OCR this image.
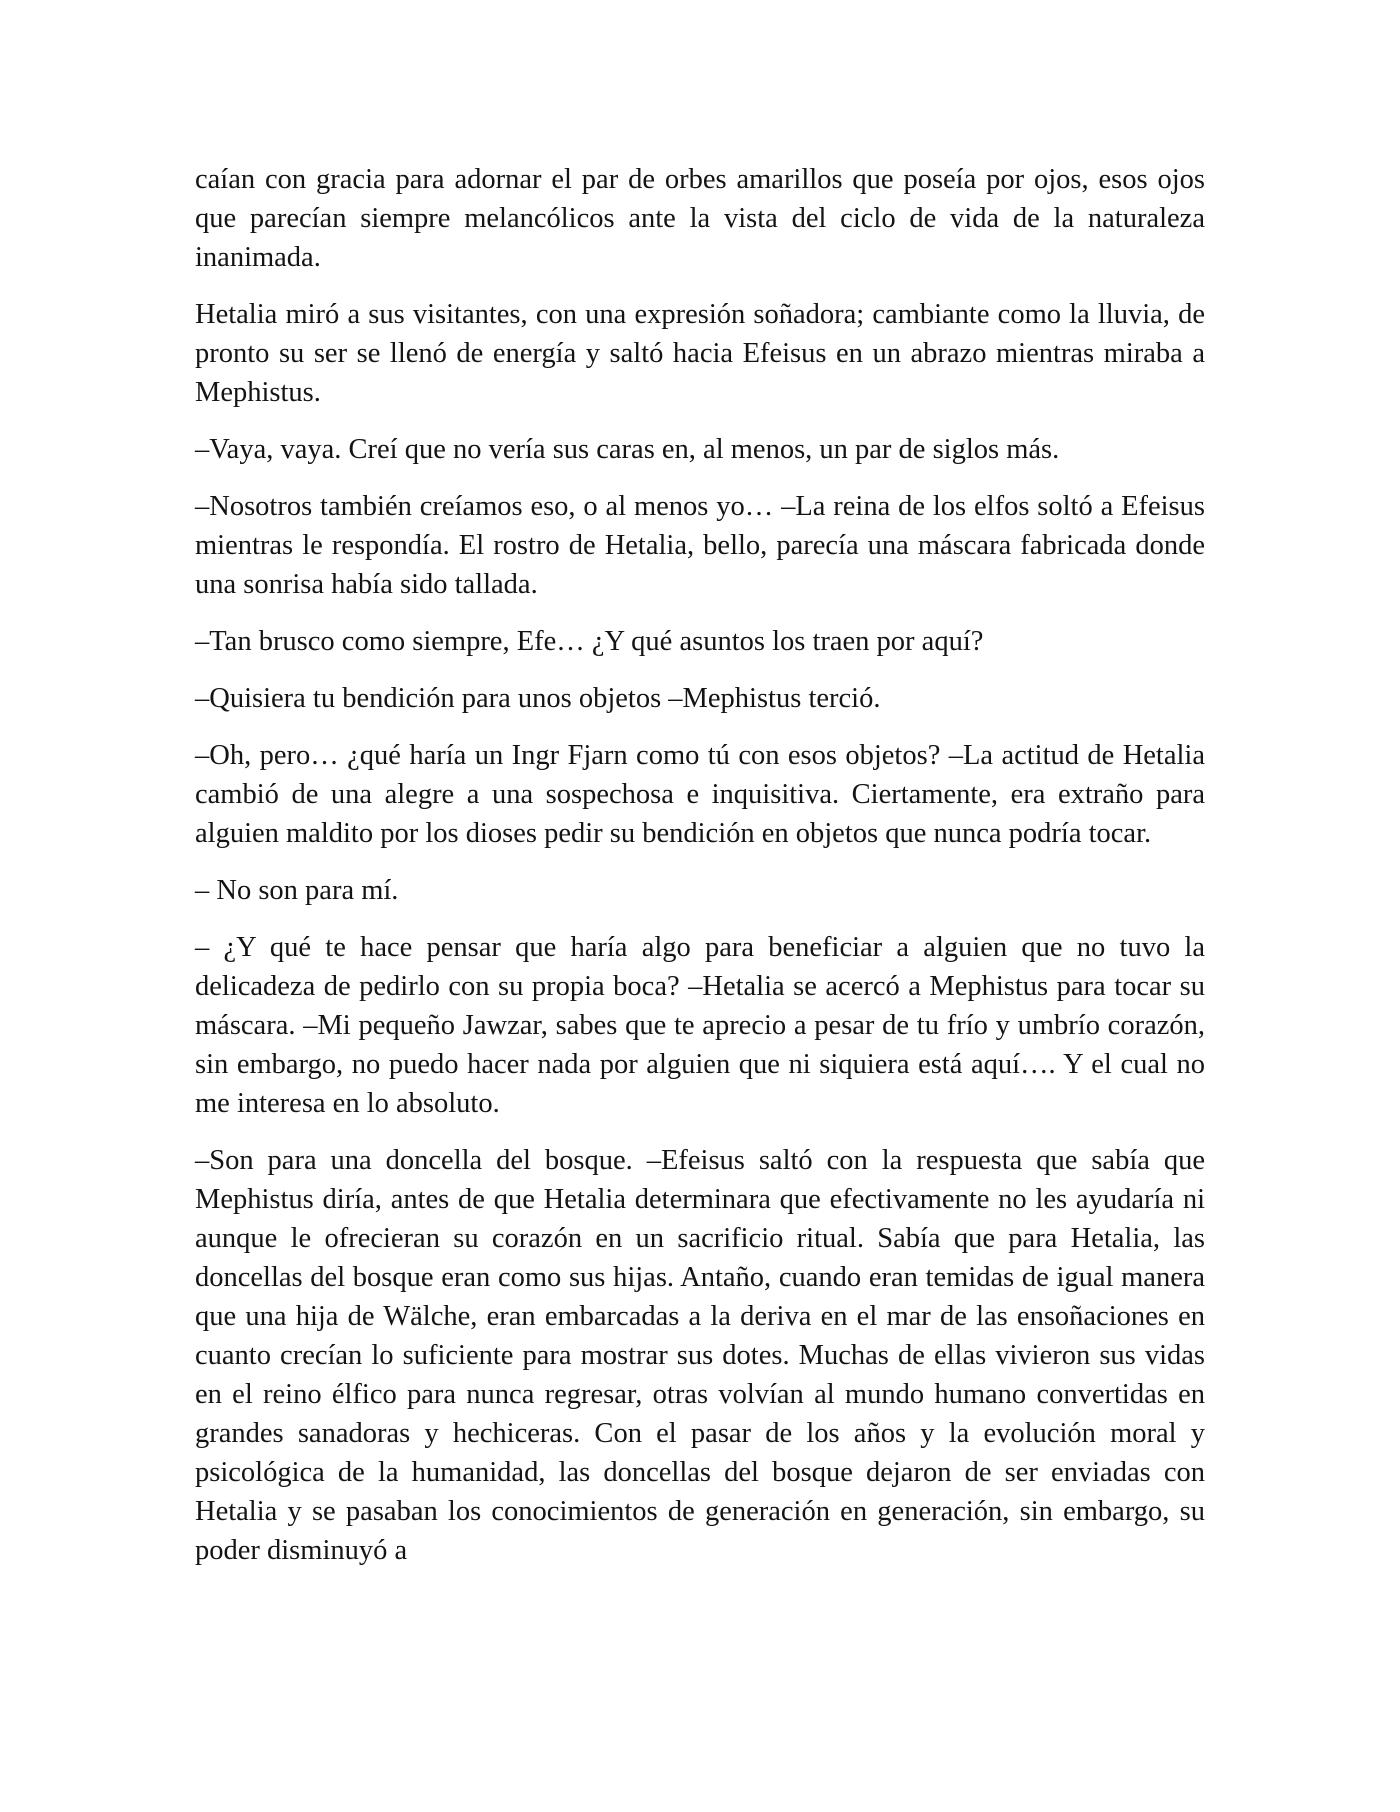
caían con gracia para adornar el par de orbes amarillos que poseía por ojos, esos ojos que parecían siempre melancólicos ante la vista del ciclo de vida de la naturaleza inanimada.

Hetalia miró a sus visitantes, con una expresión soñadora; cambiante como la lluvia, de pronto su ser se llenó de energía y saltó hacia Efeisus en un abrazo mientras miraba a Mephistus.

–Vaya, vaya. Creí que no vería sus caras en, al menos, un par de siglos más.

–Nosotros también creíamos eso, o al menos yo… –La reina de los elfos soltó a Efeisus mientras le respondía. El rostro de Hetalia, bello, parecía una máscara fabricada donde una sonrisa había sido tallada.

–Tan brusco como siempre, Efe… ¿Y qué asuntos los traen por aquí?

–Quisiera tu bendición para unos objetos –Mephistus terció.

–Oh, pero… ¿qué haría un Ingr Fjarn como tú con esos objetos? –La actitud de Hetalia cambió de una alegre a una sospechosa e inquisitiva. Ciertamente, era extraño para alguien maldito por los dioses pedir su bendición en objetos que nunca podría tocar.

– No son para mí.

– ¿Y qué te hace pensar que haría algo para beneficiar a alguien que no tuvo la delicadeza de pedirlo con su propia boca? –Hetalia se acercó a Mephistus para tocar su máscara. –Mi pequeño Jawzar, sabes que te aprecio a pesar de tu frío y umbrío corazón, sin embargo, no puedo hacer nada por alguien que ni siquiera está aquí…. Y el cual no me interesa en lo absoluto.

–Son para una doncella del bosque. –Efeisus saltó con la respuesta que sabía que Mephistus diría, antes de que Hetalia determinara que efectivamente no les ayudaría ni aunque le ofrecieran su corazón en un sacrificio ritual. Sabía que para Hetalia, las doncellas del bosque eran como sus hijas. Antaño, cuando eran temidas de igual manera que una hija de Wälche, eran embarcadas a la deriva en el mar de las ensoñaciones en cuanto crecían lo suficiente para mostrar sus dotes. Muchas de ellas vivieron sus vidas en el reino élfico para nunca regresar, otras volvían al mundo humano convertidas en grandes sanadoras y hechiceras. Con el pasar de los años y la evolución moral y psicológica de la humanidad, las doncellas del bosque dejaron de ser enviadas con Hetalia y se pasaban los conocimientos de generación en generación, sin embargo, su poder disminuyó a
